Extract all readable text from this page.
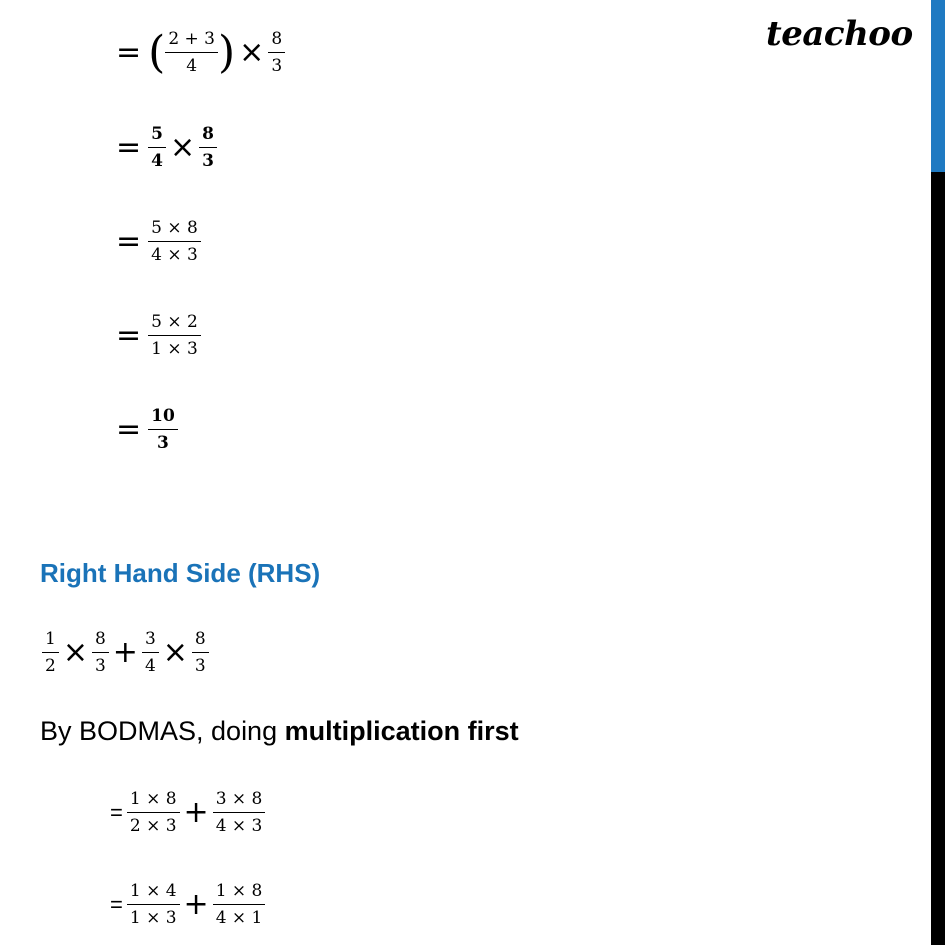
teachoo
= ( $\frac{2 + 3}{4}$ ) × $\frac{8}{3}$
= $\frac{5}{4} \times \frac{8}{3}$
= $\frac{5 \times 8}{4 \times 3}$
= $\frac{5 \times 2}{1 \times 3}$
= $\frac{10}{3}$
Right Hand Side (RHS)
$\frac{1}{2} \times \frac{8}{3} + \frac{3}{4} \times \frac{8}{3}$
By BODMAS, doing multiplication first
= $\frac{1 \times 8}{2 \times 3} + \frac{3 \times 8}{4 \times 3}$
= $\frac{1 \times 4}{1 \times 3} + \frac{1 \times 8}{4 \times 1}$
